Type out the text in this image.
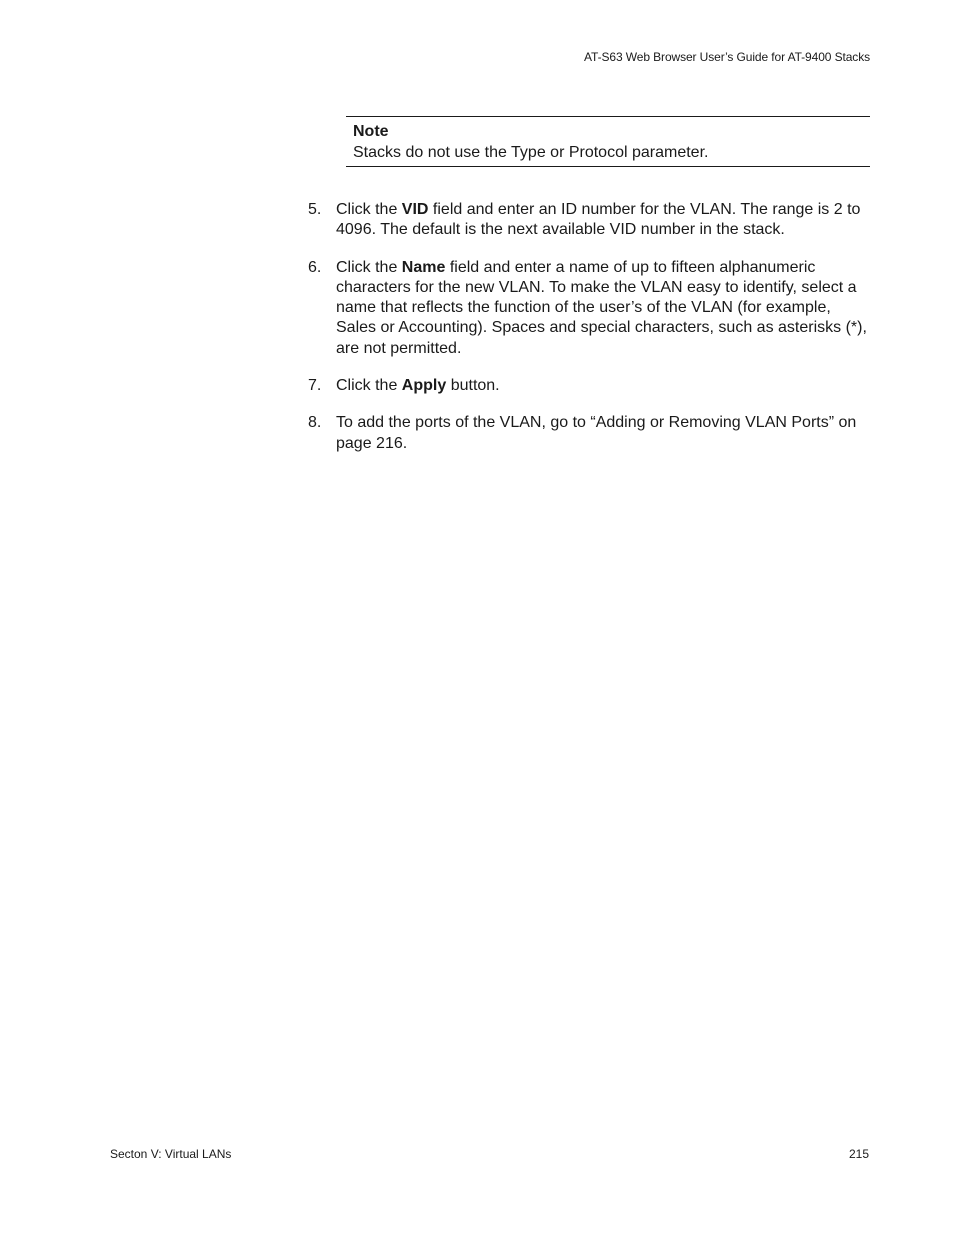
AT-S63 Web Browser User’s Guide for AT-9400 Stacks
Note
Stacks do not use the Type or Protocol parameter.
5. Click the VID field and enter an ID number for the VLAN. The range is 2 to 4096. The default is the next available VID number in the stack.
6. Click the Name field and enter a name of up to fifteen alphanumeric characters for the new VLAN. To make the VLAN easy to identify, select a name that reflects the function of the user’s of the VLAN (for example, Sales or Accounting). Spaces and special characters, such as asterisks (*), are not permitted.
7. Click the Apply button.
8. To add the ports of the VLAN, go to “Adding or Removing VLAN Ports” on page 216.
Secton V: Virtual LANs	215
